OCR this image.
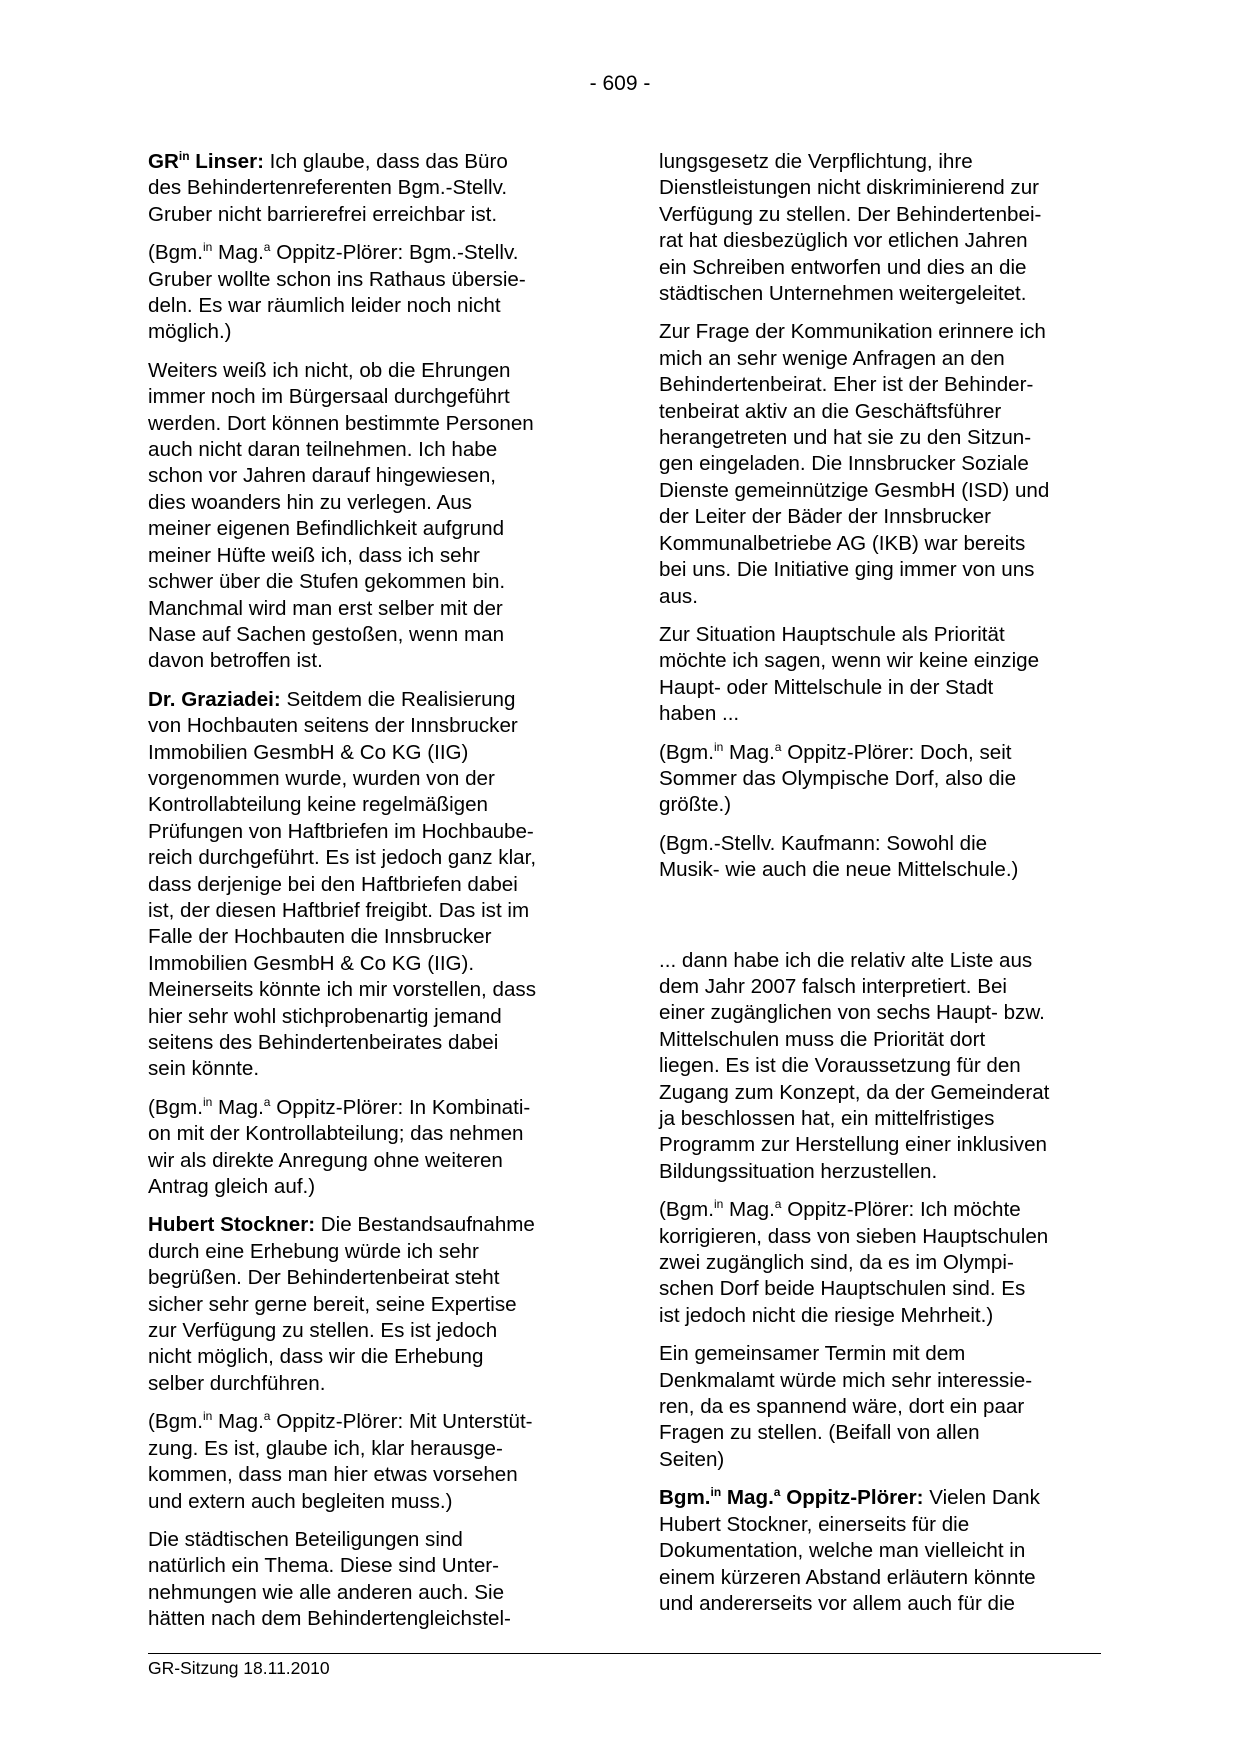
- 609 -

$GR^{in}$ Linser: Ich glaube, dass das Büro
des Behindertenreferenten Bgm.-Stellv.
Gruber nicht barrierefrei erreichbar ist.

(Bgm.$^{in}$ Mag.$^a$ Oppitz-Plörer: Bgm.-Stellv.
Gruber wollte schon ins Rathaus übersie-
deln. Es war räumlich leider noch nicht
möglich.)

Weiters weiß ich nicht, ob die Ehrungen
immer noch im Bürgersaal durchgeführt
werden. Dort können bestimmte Personen
auch nicht daran teilnehmen. Ich habe
schon vor Jahren darauf hingewiesen,
dies woanders hin zu verlegen. Aus
meiner eigenen Befindlichkeit aufgrund
meiner Hüfte weiß ich, dass ich sehr
schwer über die Stufen gekommen bin.
Manchmal wird man erst selber mit der
Nase auf Sachen gestoßen, wenn man
davon betroffen ist.

Dr. Graziadei: Seitdem die Realisierung
von Hochbauten seitens der Innsbrucker
Immobilien GesmbH & Co KG (IIG)
vorgenommen wurde, wurden von der
Kontrollabteilung keine regelmäßigen
Prüfungen von Haftbriefen im Hochbaube-
reich durchgeführt. Es ist jedoch ganz klar,
dass derjenige bei den Haftbriefen dabei
ist, der diesen Haftbrief freigibt. Das ist im
Falle der Hochbauten die Innsbrucker
Immobilien GesmbH & Co KG (IIG).
Meinerseits könnte ich mir vorstellen, dass
hier sehr wohl stichprobenartig jemand
seitens des Behindertenbeirates dabei
sein könnte.

(Bgm.$^{in}$ Mag.$^a$ Oppitz-Plörer: In Kombinati-
on mit der Kontrollabteilung; das nehmen
wir als direkte Anregung ohne weiteren
Antrag gleich auf.)

Hubert Stockner: Die Bestandsaufnahme
durch eine Erhebung würde ich sehr
begrüßen. Der Behindertenbeirat steht
sicher sehr gerne bereit, seine Expertise
zur Verfügung zu stellen. Es ist jedoch
nicht möglich, dass wir die Erhebung
selber durchführen.

(Bgm.$^{in}$ Mag.$^a$ Oppitz-Plörer: Mit Unterstüt-
zung. Es ist, glaube ich, klar herausge-
kommen, dass man hier etwas vorsehen
und extern auch begleiten muss.)

Die städtischen Beteiligungen sind
natürlich ein Thema. Diese sind Unter-
nehmungen wie alle anderen auch. Sie
hätten nach dem Behindertengleichstel-

lungsgesetz die Verpflichtung, ihre
Dienstleistungen nicht diskriminierend zur
Verfügung zu stellen. Der Behindertenbei-
rat hat diesbezüglich vor etlichen Jahren
ein Schreiben entworfen und dies an die
städtischen Unternehmen weitergeleitet.

Zur Frage der Kommunikation erinnere ich
mich an sehr wenige Anfragen an den
Behindertenbeirat. Eher ist der Behinder-
tenbeirat aktiv an die Geschäftsführer
herangetreten und hat sie zu den Sitzun-
gen eingeladen. Die Innsbrucker Soziale
Dienste gemeinnützige GesmbH (ISD) und
der Leiter der Bäder der Innsbrucker
Kommunalbetriebe AG (IKB) war bereits
bei uns. Die Initiative ging immer von uns
aus.

Zur Situation Hauptschule als Priorität
möchte ich sagen, wenn wir keine einzige
Haupt- oder Mittelschule in der Stadt
haben ...

(Bgm.$^{in}$ Mag.$^a$ Oppitz-Plörer: Doch, seit
Sommer das Olympische Dorf, also die
größte.)

(Bgm.-Stellv. Kaufmann: Sowohl die
Musik- wie auch die neue Mittelschule.)

... dann habe ich die relativ alte Liste aus
dem Jahr 2007 falsch interpretiert. Bei
einer zugänglichen von sechs Haupt- bzw.
Mittelschulen muss die Priorität dort
liegen. Es ist die Voraussetzung für den
Zugang zum Konzept, da der Gemeinderat
ja beschlossen hat, ein mittelfristiges
Programm zur Herstellung einer inklusiven
Bildungssituation herzustellen.

(Bgm.$^{in}$ Mag.$^a$ Oppitz-Plörer: Ich möchte
korrigieren, dass von sieben Hauptschulen
zwei zugänglich sind, da es im Olympi-
schen Dorf beide Hauptschulen sind. Es
ist jedoch nicht die riesige Mehrheit.)

Ein gemeinsamer Termin mit dem
Denkmalamt würde mich sehr interessie-
ren, da es spannend wäre, dort ein paar
Fragen zu stellen. (Beifall von allen
Seiten)

Bgm.$^{in}$ Mag.$^a$ Oppitz-Plörer: Vielen Dank
Hubert Stockner, einerseits für die
Dokumentation, welche man vielleicht in
einem kürzeren Abstand erläutern könnte
und andererseits vor allem auch für die

GR-Sitzung 18.11.2010
